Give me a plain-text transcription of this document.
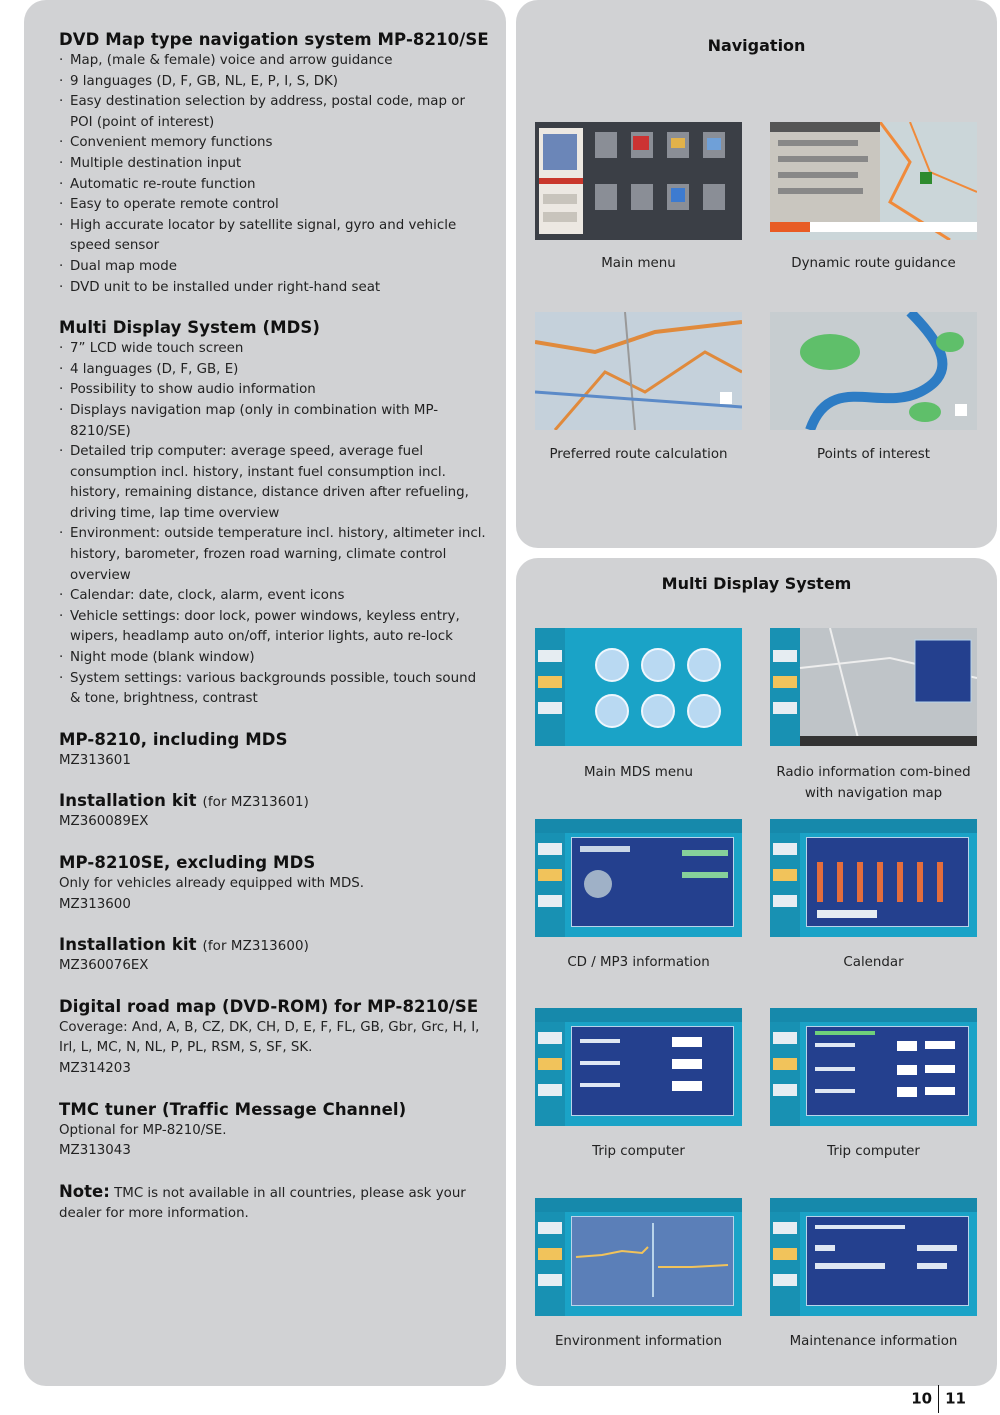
DVD Map type navigation system MP-8210/SE
· Map, (male & female) voice and arrow guidance
· 9 languages (D, F, GB, NL, E, P, I, S, DK)
· Easy destination selection by address, postal code, map or POI (point of interest)
· Convenient memory functions
· Multiple destination input
· Automatic re-route function
· Easy to operate remote control
· High accurate locator by satellite signal, gyro and vehicle speed sensor
· Dual map mode
· DVD unit to be installed under right-hand seat
Multi Display System (MDS)
· 7” LCD wide touch screen
· 4 languages (D, F, GB, E)
· Possibility to show audio information
· Displays navigation map (only in combination with MP-8210/SE)
· Detailed trip computer: average speed, average fuel consumption incl. history, instant fuel consumption incl. history, remaining distance, distance driven after refueling, driving time, lap time overview
· Environment: outside temperature incl. history, altimeter incl. history, barometer, frozen road warning, climate control overview
· Calendar: date, clock, alarm, event icons
· Vehicle settings: door lock, power windows, keyless entry, wipers, headlamp auto on/off, interior lights, auto re-lock
· Night mode (blank window)
· System settings: various backgrounds possible, touch sound & tone, brightness, contrast
MP-8210, including MDS
MZ313601
Installation kit (for MZ313601)
MZ360089EX
MP-8210SE, excluding MDS
Only for vehicles already equipped with MDS.
MZ313600
Installation kit (for MZ313600)
MZ360076EX
Digital road map (DVD-ROM) for MP-8210/SE
Coverage: And, A, B, CZ, DK, CH, D, E, F, FL, GB, Gbr, Grc, H, I, Irl, L, MC, N, NL, P, PL, RSM, S, SF, SK.
MZ314203
TMC tuner (Traffic Message Channel)
Optional for MP-8210/SE.
MZ313043
Note: TMC is not available in all countries, please ask your dealer for more information.
Navigation
Main menu	Dynamic route guidance
Preferred route calculation	Points of interest
Multi Display System
Main MDS menu	Radio information com-bined with navigation map
CD / MP3 information	Calendar
Trip computer	Trip computer
Environment information	Maintenance information
10 11
